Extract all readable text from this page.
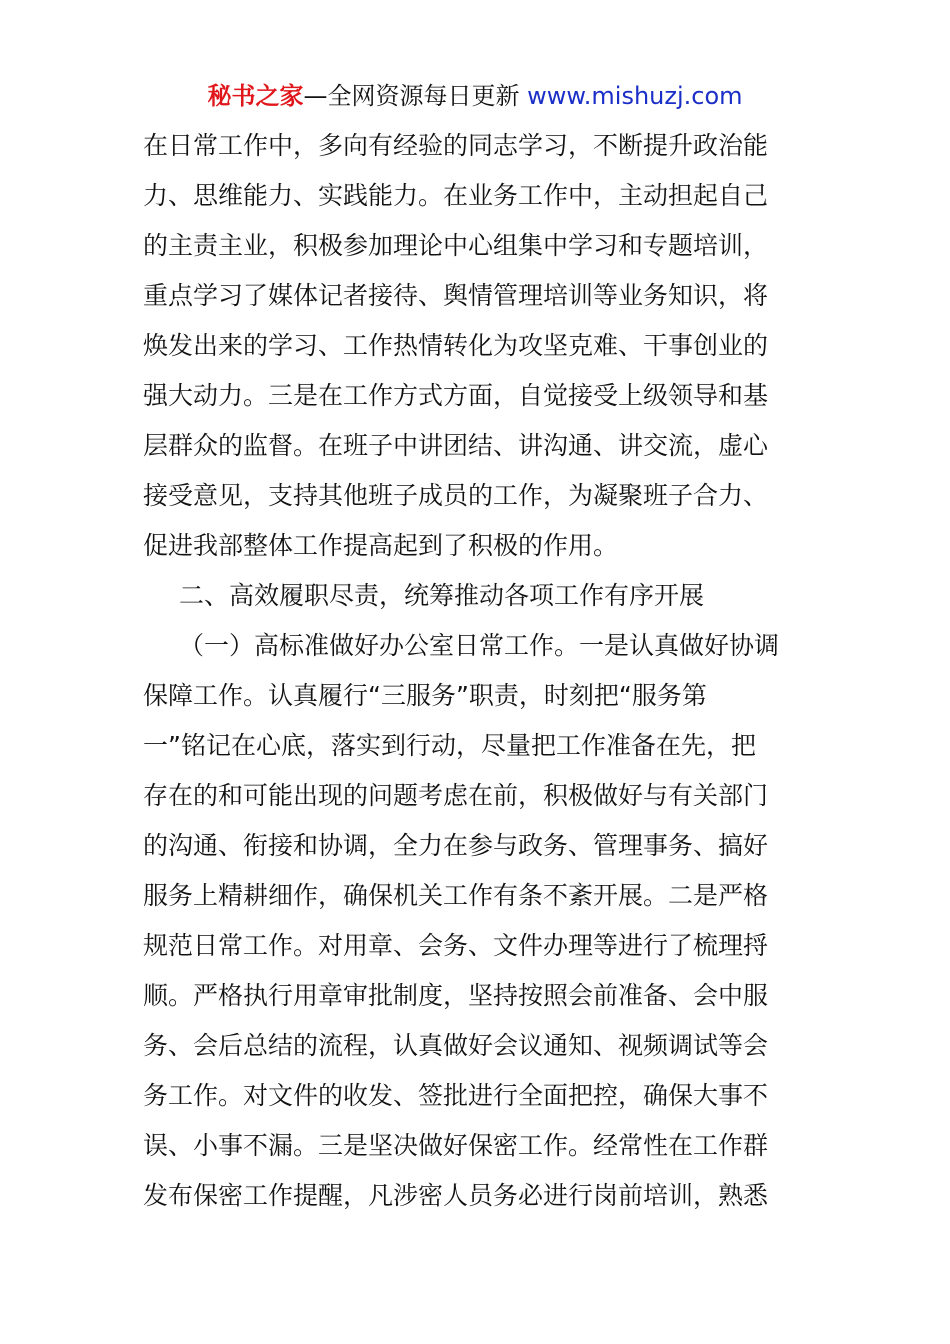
秘书之家—全网资源每日更新 www.mishuzj.com
在日常工作中，多向有经验的同志学习，不断提升政治能
力、思维能力、实践能力。在业务工作中，主动担起自己
的主责主业，积极参加理论中心组集中学习和专题培训，
重点学习了媒体记者接待、舆情管理培训等业务知识，将
焕发出来的学习、工作热情转化为攻坚克难、干事创业的
强大动力。三是在工作方式方面，自觉接受上级领导和基
层群众的监督。在班子中讲团结、讲沟通、讲交流，虚心
接受意见，支持其他班子成员的工作，为凝聚班子合力、
促进我部整体工作提高起到了积极的作用。
二、高效履职尽责，统筹推动各项工作有序开展
（一）高标准做好办公室日常工作。一是认真做好协调
保障工作。认真履行“三服务”职责，时刻把“服务第
一”铭记在心底，落实到行动，尽量把工作准备在先，把
存在的和可能出现的问题考虑在前，积极做好与有关部门
的沟通、衔接和协调，全力在参与政务、管理事务、搞好
服务上精耕细作，确保机关工作有条不紊开展。二是严格
规范日常工作。对用章、会务、文件办理等进行了梳理捋
顺。严格执行用章审批制度，坚持按照会前准备、会中服
务、会后总结的流程，认真做好会议通知、视频调试等会
务工作。对文件的收发、签批进行全面把控，确保大事不
误、小事不漏。三是坚决做好保密工作。经常性在工作群
发布保密工作提醒，凡涉密人员务必进行岗前培训，熟悉
